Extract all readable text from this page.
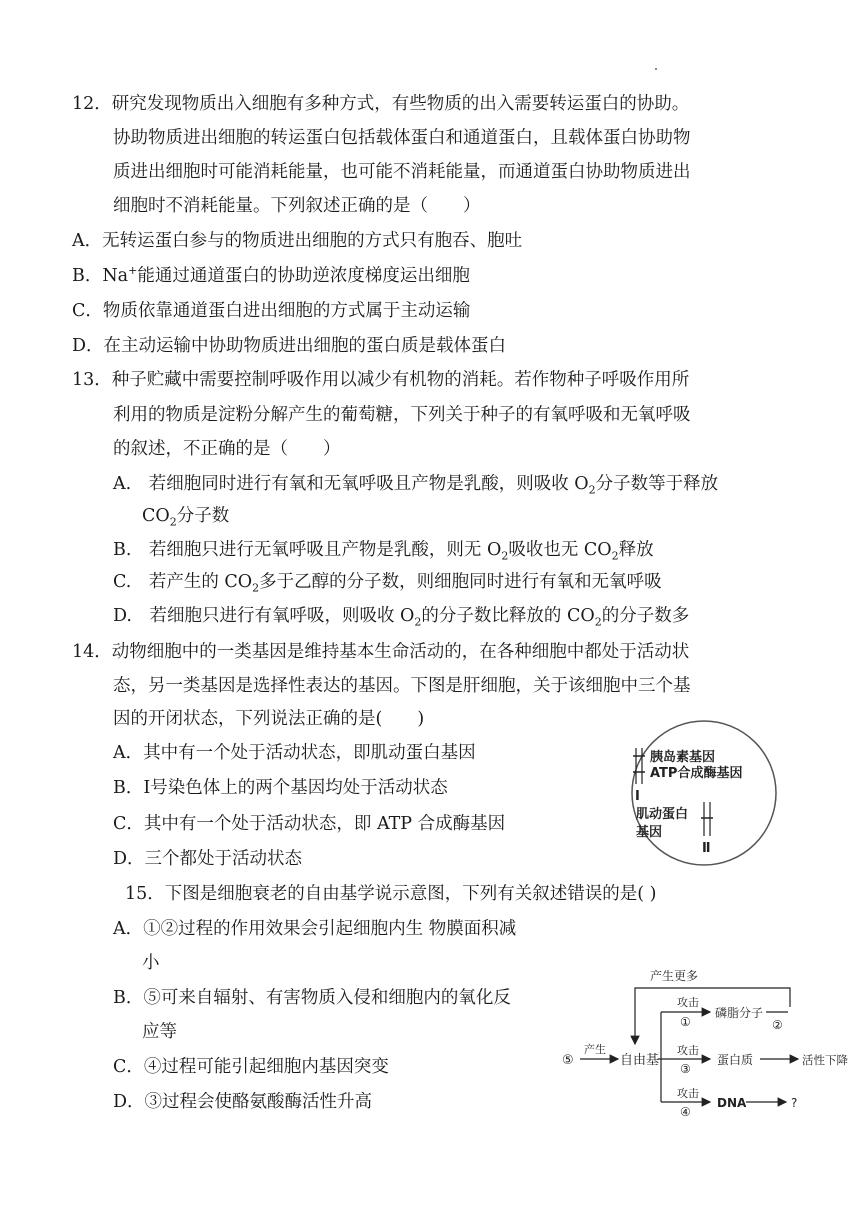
12．研究发现物质出入细胞有多种方式，有些物质的出入需要转运蛋白的协助。
协助物质进出细胞的转运蛋白包括载体蛋白和通道蛋白，且载体蛋白协助物
质进出细胞时可能消耗能量，也可能不消耗能量，而通道蛋白协助物质进出
细胞时不消耗能量。下列叙述正确的是（　　）
A．无转运蛋白参与的物质进出细胞的方式只有胞吞、胞吐
B．Na+能通过通道蛋白的协助逆浓度梯度运出细胞
C．物质依靠通道蛋白进出细胞的方式属于主动运输
D．在主动运输中协助物质进出细胞的蛋白质是载体蛋白
13．种子贮藏中需要控制呼吸作用以减少有机物的消耗。若作物种子呼吸作用所
利用的物质是淀粉分解产生的葡萄糖，下列关于种子的有氧呼吸和无氧呼吸
的叙述，不正确的是（　　）
A.　若细胞同时进行有氧和无氧呼吸且产物是乳酸，则吸收 $O_2$分子数等于释放
$CO_2$分子数
B.　若细胞只进行无氧呼吸且产物是乳酸，则无 $O_2$吸收也无 $CO_2$释放
C.　若产生的 $CO_2$多于乙醇的分子数，则细胞同时进行有氧和无氧呼吸
D.　若细胞只进行有氧呼吸，则吸收 $O_2$的分子数比释放的 $CO_2$的分子数多
14．动物细胞中的一类基因是维持基本生命活动的，在各种细胞中都处于活动状
态，另一类基因是选择性表达的基因。下图是肝细胞，关于该细胞中三个基
因的开闭状态，下列说法正确的是(　　)
A．其中有一个处于活动状态，即肌动蛋白基因
B．Ⅰ号染色体上的两个基因均处于活动状态
C．其中有一个处于活动状态，即 ATP 合成酶基因
D．三个都处于活动状态
胰岛素基因
ATP合成酶基因
Ⅰ
肌动蛋白
基因
Ⅱ
15．下图是细胞衰老的自由基学说示意图，下列有关叙述错误的是( )
A．①②过程的作用效果会引起细胞内生 物膜面积减
小
B．⑤可来自辐射、有害物质入侵和细胞内的氧化反
应等
C．④过程可能引起细胞内基因突变
D．③过程会使酪氨酸酶活性升高
产生更多
⑤
产生
自由基
攻击
①
磷脂分子
②
攻击
③
蛋白质	活性下降
攻击
④
DNA	?
